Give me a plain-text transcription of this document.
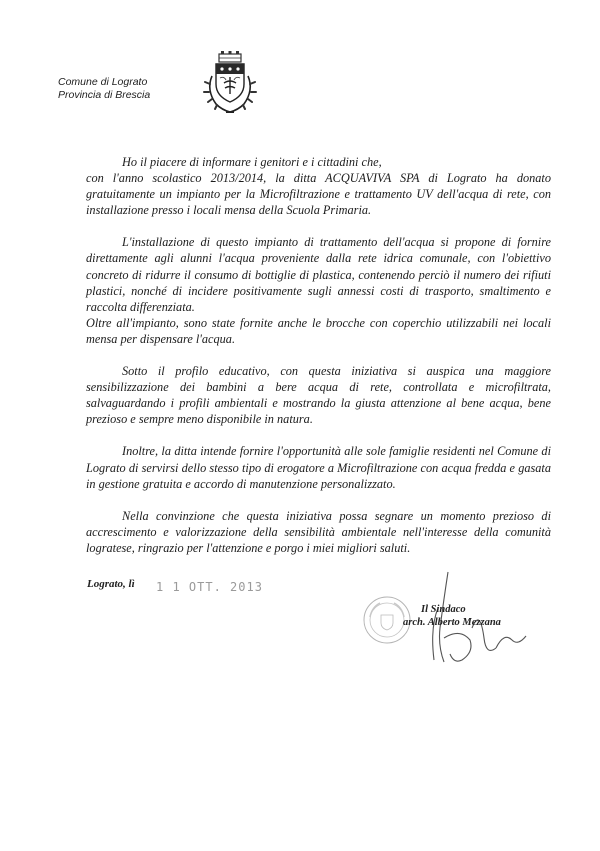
Comune di Lograto
Provincia di Brescia

Ho il piacere di informare i genitori e i cittadini che,
con l'anno scolastico 2013/2014, la ditta ACQUAVIVA SPA di Lograto ha donato gratuitamente un impianto per la Microfiltrazione e trattamento UV dell'acqua di rete, con installazione presso i locali mensa della Scuola Primaria.

L'installazione di questo impianto di trattamento dell'acqua si propone di fornire direttamente agli alunni l'acqua proveniente dalla rete idrica comunale, con l'obiettivo concreto di ridurre il consumo di bottiglie di plastica, contenendo perciò il numero dei rifiuti plastici, nonché di incidere positivamente sugli annessi costi di trasporto, smaltimento e raccolta differenziata.

Oltre all'impianto, sono state fornite anche le brocche con coperchio utilizzabili nei locali mensa per dispensare l'acqua.

Sotto il profilo educativo, con questa iniziativa si auspica una maggiore sensibilizzazione dei bambini a bere acqua di rete, controllata e microfiltrata, salvaguardando i profili ambientali e mostrando la giusta attenzione al bene acqua, bene prezioso e sempre meno disponibile in natura.

Inoltre, la ditta intende fornire l'opportunità alle sole famiglie residenti nel Comune di Lograto di servirsi dello stesso tipo di erogatore a Microfiltrazione con acqua fredda e gasata in gestione gratuita e accordo di manutenzione personalizzato.

Nella convinzione che questa iniziativa possa segnare un momento prezioso di accrescimento e valorizzazione della sensibilità ambientale nell'interesse della comunità logratese, ringrazio per l'attenzione e porgo i miei migliori saluti.

Lograto, lì 1 1 OTT. 2013
Il Sindaco
arch. Alberto Mezzana
